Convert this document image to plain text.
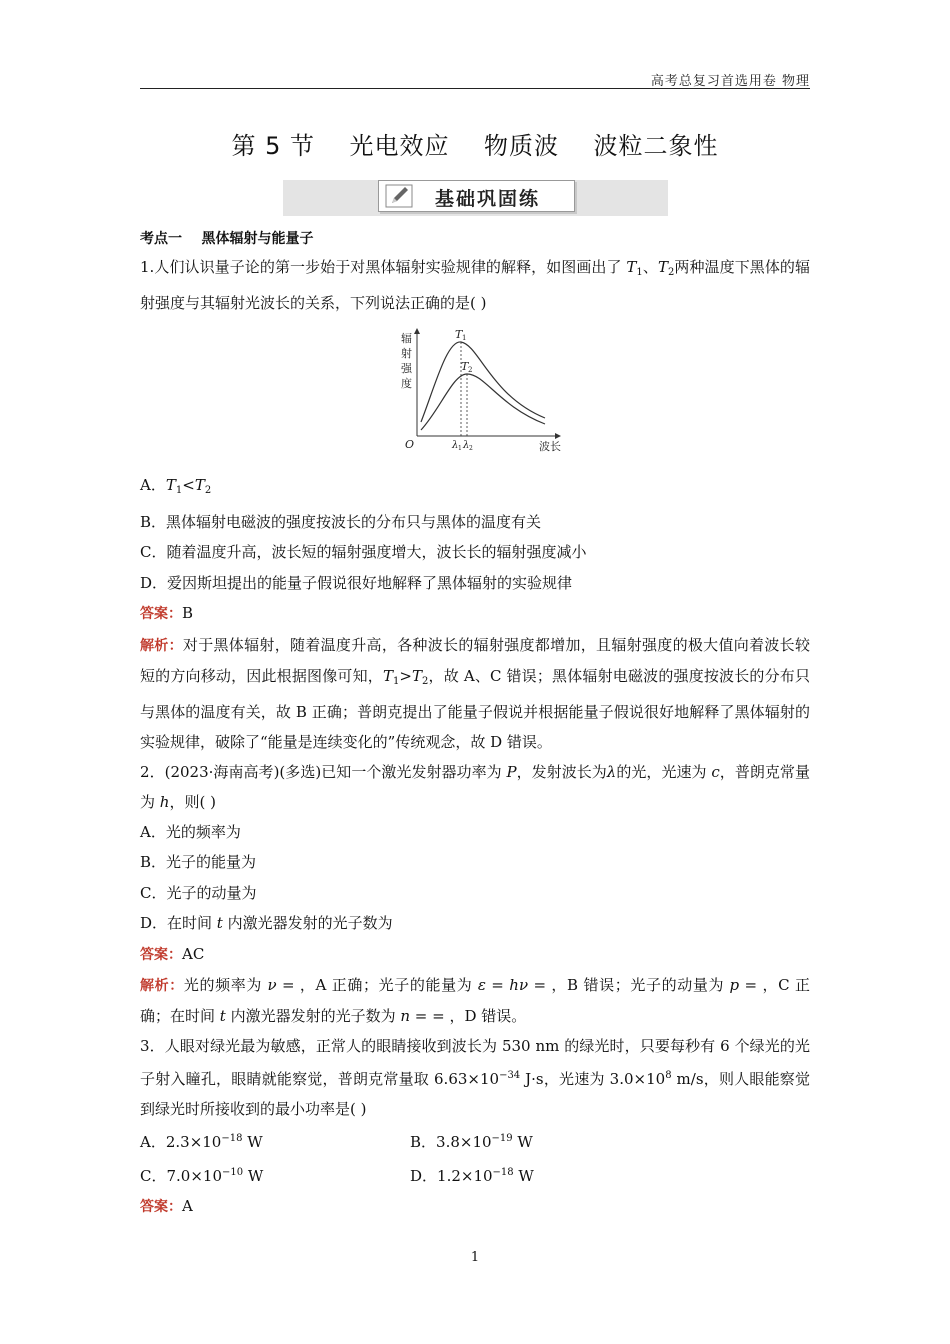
高考总复习首选用卷 物理
第 5 节    光电效应    物质波    波粒二象性
基础巩固练
考点一    黑体辐射与能量子

1.人们认识量子论的第一步始于对黑体辐射实验规律的解释，如图画出了 $T_1$、$T_2$两种温度下黑体的辐射强度与其辐射光波长的关系，下列说法正确的是( )

辐
射
强
度
O	波长
T 1
T 2
λ 1 λ 2

A．$T_1<T_2$

B．黑体辐射电磁波的强度按波长的分布只与黑体的温度有关

C．随着温度升高，波长短的辐射强度增大，波长长的辐射强度减小

D．爱因斯坦提出的能量子假说很好地解释了黑体辐射的实验规律

答案：B

解析：对于黑体辐射，随着温度升高，各种波长的辐射强度都增加，且辐射强度的极大值向着波长较短的方向移动，因此根据图像可知，$T_1>T_2$，故 A、C 错误；黑体辐射电磁波的强度按波长的分布只与黑体的温度有关，故 B 正确；普朗克提出了能量子假说并根据能量子假说很好地解释了黑体辐射的实验规律，破除了“能量是连续变化的”传统观念，故 D 错误。

2．(2023·海南高考)(多选)已知一个激光发射器功率为 P，发射波长为λ的光，光速为 c，普朗克常量为 h，则( )

A．光的频率为

B．光子的能量为

C．光子的动量为

D．在时间 t 内激光器发射的光子数为

答案：AC

解析：光的频率为 ν = ，A 正确；光子的能量为 ε = hν = ，B 错误；光子的动量为 p = ，C 正确；在时间 t 内激光器发射的光子数为 n = = ，D 错误。

3．人眼对绿光最为敏感，正常人的眼睛接收到波长为 530 nm 的绿光时，只要每秒有 6 个绿光的光子射入瞳孔，眼睛就能察觉，普朗克常量取 $6.63\times 10^{-34}$ J·s，光速为 $3.0\times 10^8$ m/s，则人眼能察觉到绿光时所接收到的最小功率是( )

A．$2.3\times 10^{-18}$ W	B．$3.8\times 10^{-19}$ W
C．$7.0\times 10^{-10}$ W	D．$1.2\times 10^{-18}$ W

答案：A

1
